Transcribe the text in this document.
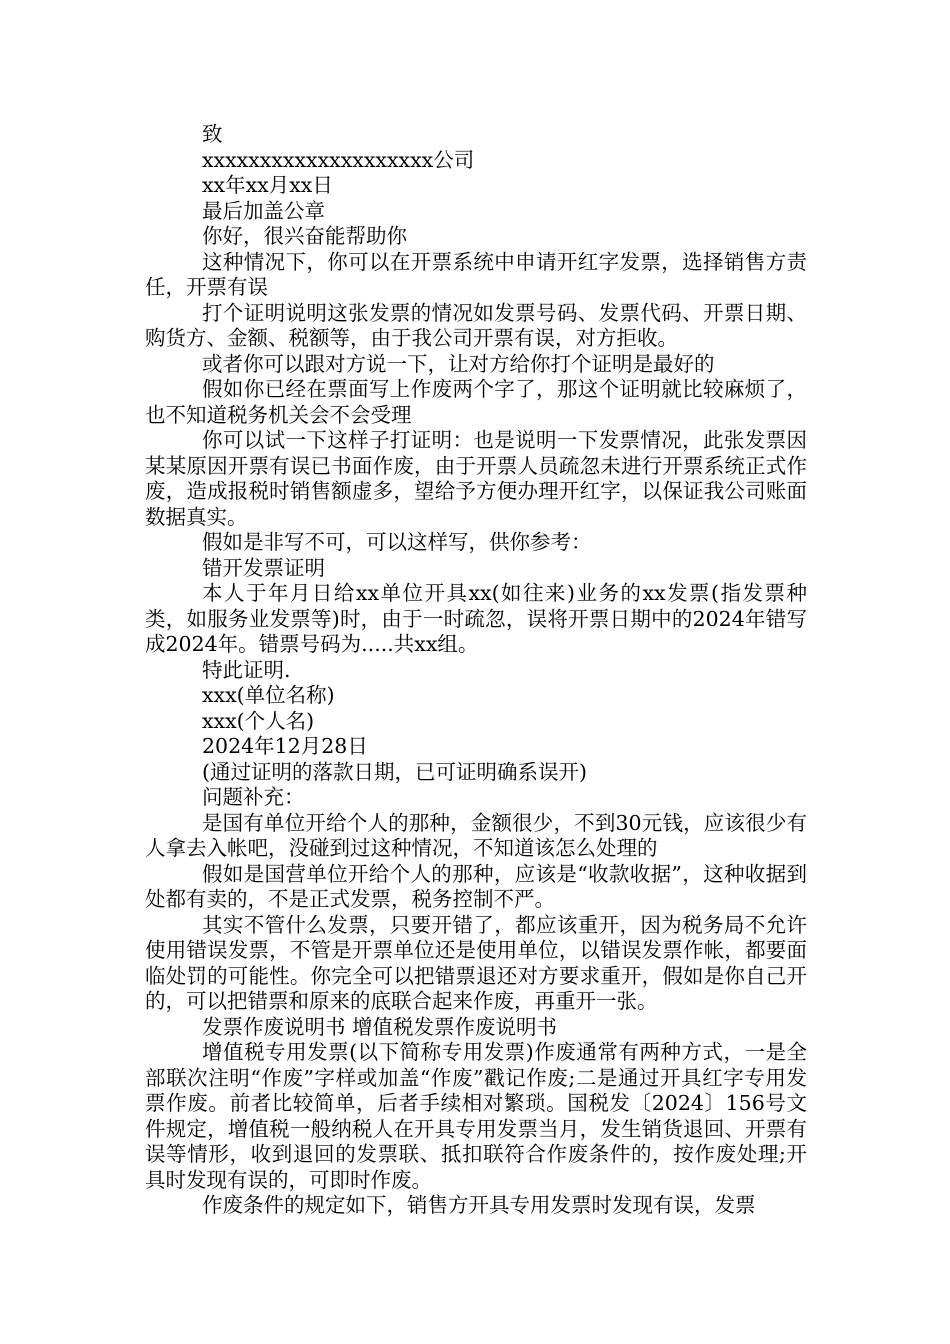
致

xxxxxxxxxxxxxxxxxxxx公司

xx年xx月xx日

最后加盖公章

你好，很兴奋能帮助你

这种情况下，你可以在开票系统中申请开红字发票，选择销售方责任，开票有误

打个证明说明这张发票的情况如发票号码、发票代码、开票日期、购货方、金额、税额等，由于我公司开票有误，对方拒收。

或者你可以跟对方说一下，让对方给你打个证明是最好的

假如你已经在票面写上作废两个字了，那这个证明就比较麻烦了，也不知道税务机关会不会受理

你可以试一下这样子打证明：也是说明一下发票情况，此张发票因某某原因开票有误已书面作废，由于开票人员疏忽未进行开票系统正式作废，造成报税时销售额虚多，望给予方便办理开红字，以保证我公司账面数据真实。

假如是非写不可，可以这样写，供你参考：

错开发票证明

本人于年月日给xx单位开具xx(如往来)业务的xx发票(指发票种类，如服务业发票等)时，由于一时疏忽，误将开票日期中的2024年错写成2024年。错票号码为.....共xx组。

特此证明.

xxx(单位名称)

xxx(个人名)

2024年12月28日

(通过证明的落款日期，已可证明确系误开)

问题补充：

是国有单位开给个人的那种，金额很少，不到30元钱，应该很少有人拿去入帐吧，没碰到过这种情况，不知道该怎么处理的

假如是国营单位开给个人的那种，应该是“收款收据”，这种收据到处都有卖的，不是正式发票，税务控制不严。

其实不管什么发票，只要开错了，都应该重开，因为税务局不允许使用错误发票，不管是开票单位还是使用单位，以错误发票作帐，都要面临处罚的可能性。你完全可以把错票退还对方要求重开，假如是你自己开的，可以把错票和原来的底联合起来作废，再重开一张。

发票作废说明书 增值税发票作废说明书

增值税专用发票(以下简称专用发票)作废通常有两种方式，一是全部联次注明“作废”字样或加盖“作废”戳记作废;二是通过开具红字专用发票作废。前者比较简单，后者手续相对繁琐。国税发〔2024〕156号文件规定，增值税一般纳税人在开具专用发票当月，发生销货退回、开票有误等情形，收到退回的发票联、抵扣联符合作废条件的，按作废处理;开具时发现有误的，可即时作废。

作废条件的规定如下，销售方开具专用发票时发现有误，发票
